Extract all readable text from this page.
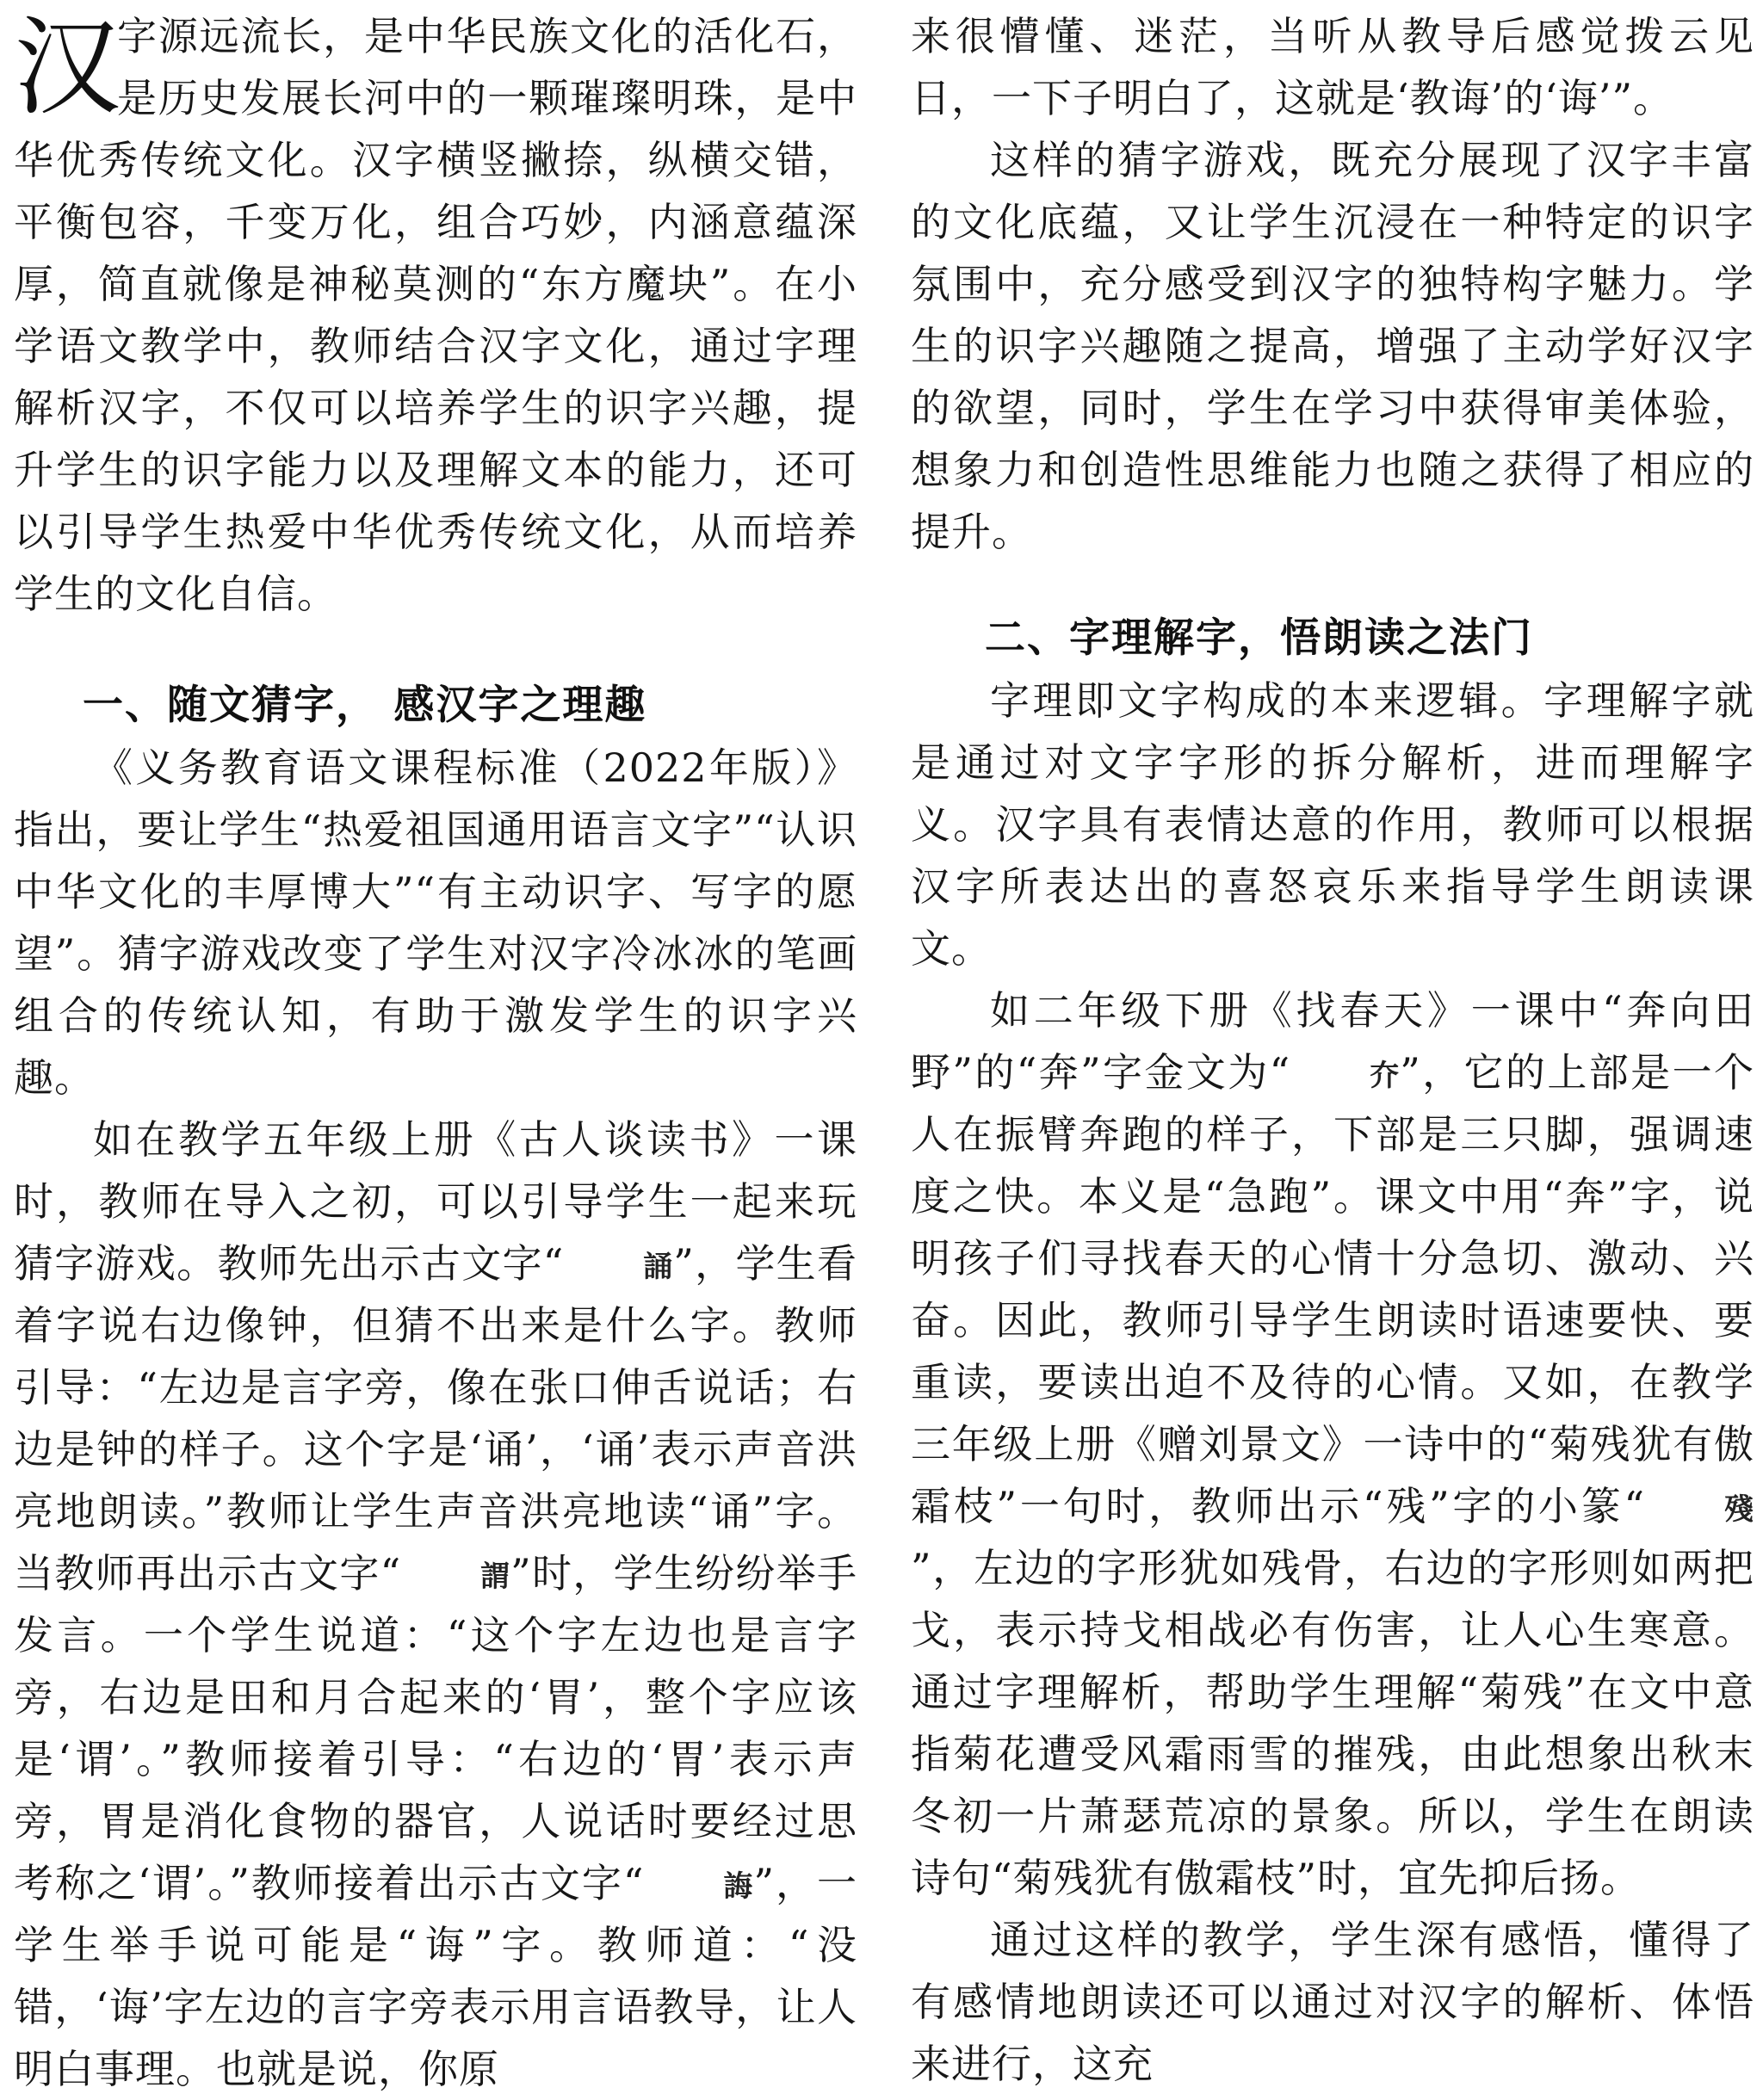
汉
字源远流长，是中华民族文化的活化石，是历史发展长河中的一颗璀璨明珠，是中华优秀传统文化。汉字横竖撇捺，纵横交错，平衡包容，千变万化，组合巧妙，内涵意蕴深厚，简直就像是神秘莫测的“东方魔块”。在小学语文教学中，教师结合汉字文化，通过字理解析汉字，不仅可以培养学生的识字兴趣，提升学生的识字能力以及理解文本的能力，还可以引导学生热爱中华优秀传统文化，从而培养学生的文化自信。

一、随文猜字， 感汉字之理趣

《义务教育语文课程标准（2022年版）》指出，要让学生“热爱祖国通用语言文字”“认识中华文化的丰厚博大”“有主动识字、写字的愿望”。猜字游戏改变了学生对汉字冷冰冰的笔画组合的传统认知，有助于激发学生的识字兴趣。

如在教学五年级上册《古人谈读书》一课时，教师在导入之初，可以引导学生一起来玩猜字游戏。教师先出示古文字“	誦”，学生看着字说右边像钟，但猜不出来是什么字。教师引导：“左边是言字旁，像在张口伸舌说话；右边是钟的样子。这个字是‘诵’，‘诵’表示声音洪亮地朗读。”教师让学生声音洪亮地读“诵”字。当教师再出示古文字“	謂”时，学生纷纷举手发言。一个学生说道：“这个字左边也是言字旁，右边是田和月合起来的‘胃’，整个字应该是‘谓’。”教师接着引导：“右边的‘胃’表示声旁，胃是消化食物的器官，人说话时要经过思考称之‘谓’。”教师接着出示古文字“	誨”，一学生举手说可能是“诲”字。教师道：“没错，‘诲’字左边的言字旁表示用言语教导，让人明白事理。也就是说，你原

来很懵懂、迷茫，当听从教导后感觉拨云见日，一下子明白了，这就是‘教诲’的‘诲’”。

这样的猜字游戏，既充分展现了汉字丰富的文化底蕴，又让学生沉浸在一种特定的识字氛围中，充分感受到汉字的独特构字魅力。学生的识字兴趣随之提高，增强了主动学好汉字的欲望，同时，学生在学习中获得审美体验，想象力和创造性思维能力也随之获得了相应的提升。

二、字理解字，悟朗读之法门

字理即文字构成的本来逻辑。字理解字就是通过对文字字形的拆分解析，进而理解字义。汉字具有表情达意的作用，教师可以根据汉字所表达出的喜怒哀乐来指导学生朗读课文。

如二年级下册《找春天》一课中“奔向田野”的“奔”字金文为“	夰”，它的上部是一个人在振臂奔跑的样子，下部是三只脚，强调速度之快。本义是“急跑”。课文中用“奔”字，说明孩子们寻找春天的心情十分急切、激动、兴奋。因此，教师引导学生朗读时语速要快、要重读，要读出迫不及待的心情。又如，在教学三年级上册《赠刘景文》一诗中的“菊残犹有傲霜枝”一句时，教师出示“残”字的小篆“	殘”，左边的字形犹如残骨，右边的字形则如两把戈，表示持戈相战必有伤害，让人心生寒意。通过字理解析，帮助学生理解“菊残”在文中意指菊花遭受风霜雨雪的摧残，由此想象出秋末冬初一片萧瑟荒凉的景象。所以，学生在朗读诗句“菊残犹有傲霜枝”时，宜先抑后扬。

通过这样的教学，学生深有感悟，懂得了有感情地朗读还可以通过对汉字的解析、体悟来进行，这充
